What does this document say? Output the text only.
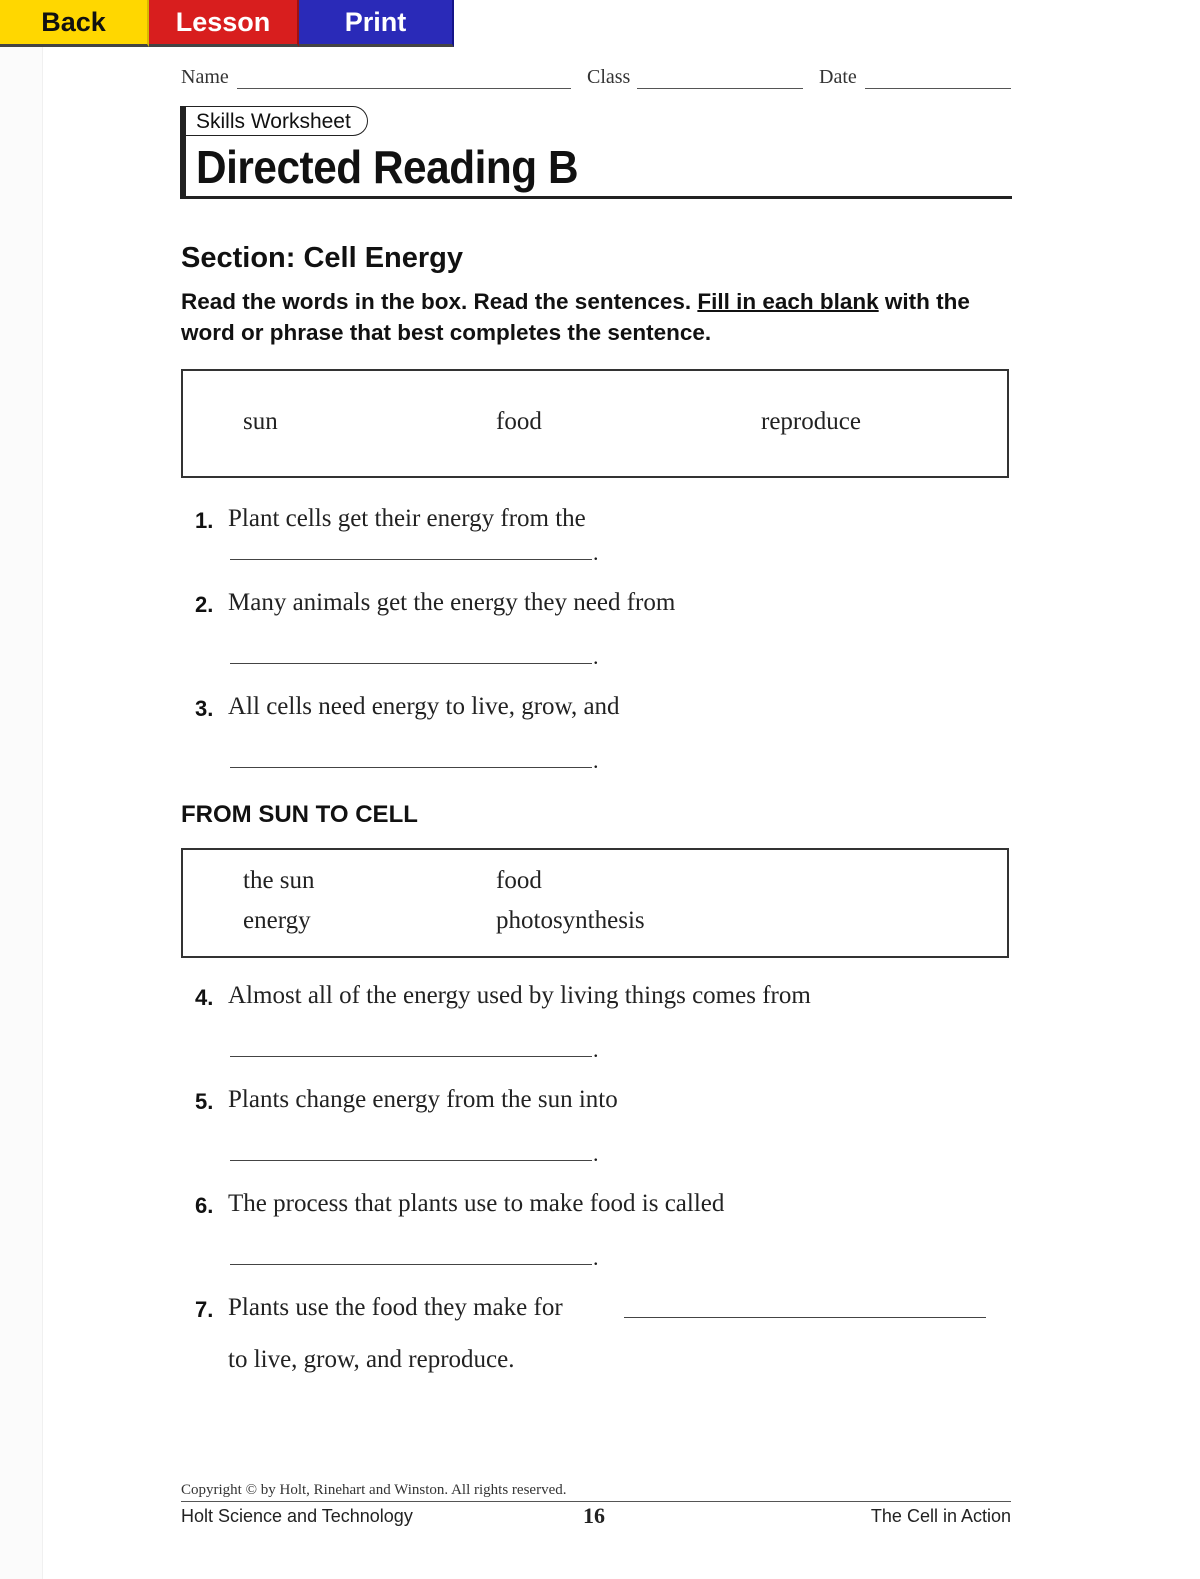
Back	Lesson	Print
Name	Class	Date
Skills Worksheet
Directed Reading B
Section: Cell Energy
Read the words in the box. Read the sentences. Fill in each blank with the word or phrase that best completes the sentence.
sun	food	reproduce
1. Plant cells get their energy from the
.
2. Many animals get the energy they need from
.
3. All cells need energy to live, grow, and
.
FROM SUN TO CELL
the sun	food
energy	photosynthesis
4. Almost all of the energy used by living things comes from
.
5. Plants change energy from the sun into
.
6. The process that plants use to make food is called
.
7. Plants use the food they make for
to live, grow, and reproduce.
Copyright © by Holt, Rinehart and Winston. All rights reserved.
Holt Science and Technology	16	The Cell in Action
